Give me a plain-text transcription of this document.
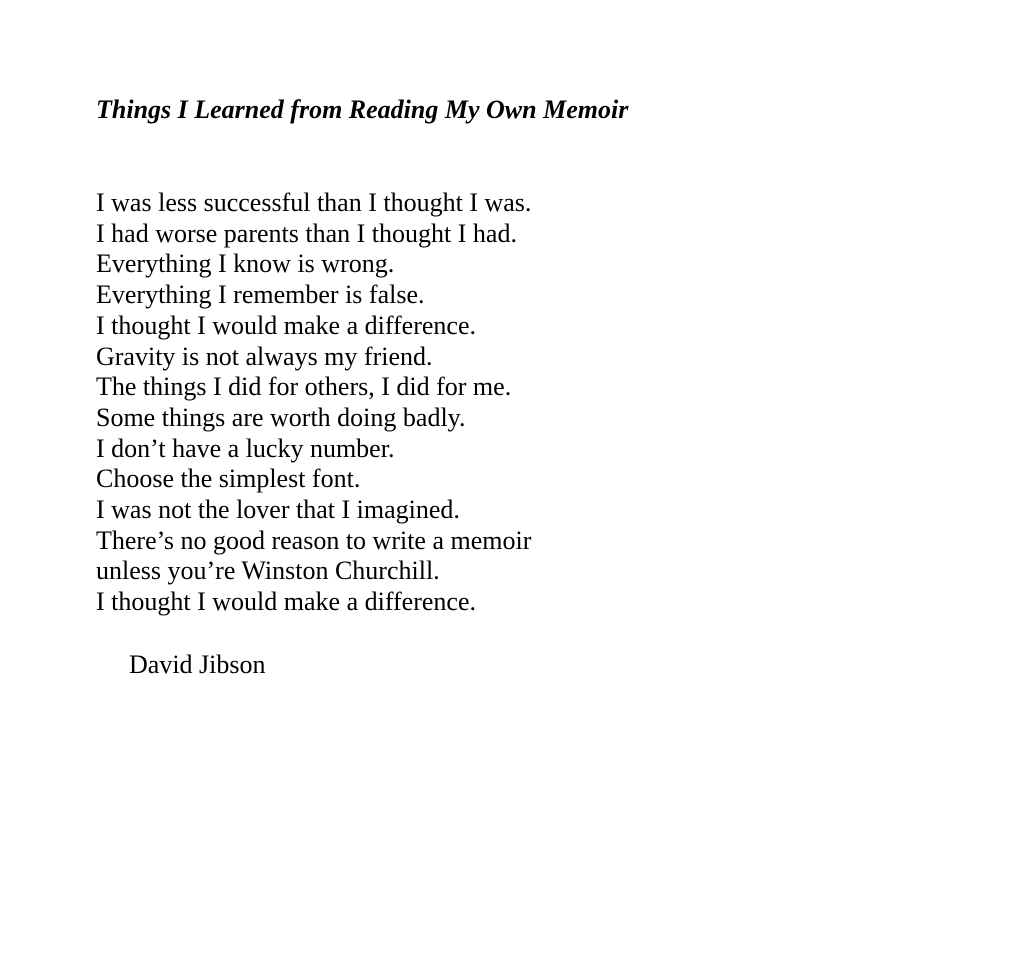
Things I Learned from Reading My Own Memoir
I was less successful than I thought I was.
I had worse parents than I thought I had.
Everything I know is wrong.
Everything I remember is false.
I thought I would make a difference.
Gravity is not always my friend.
The things I did for others, I did for me.
Some things are worth doing badly.
I don’t have a lucky number.
Choose the simplest font.
I was not the lover that I imagined.
There’s no good reason to write a memoir
unless you’re Winston Churchill.
I thought I would make a difference.

David Jibson
